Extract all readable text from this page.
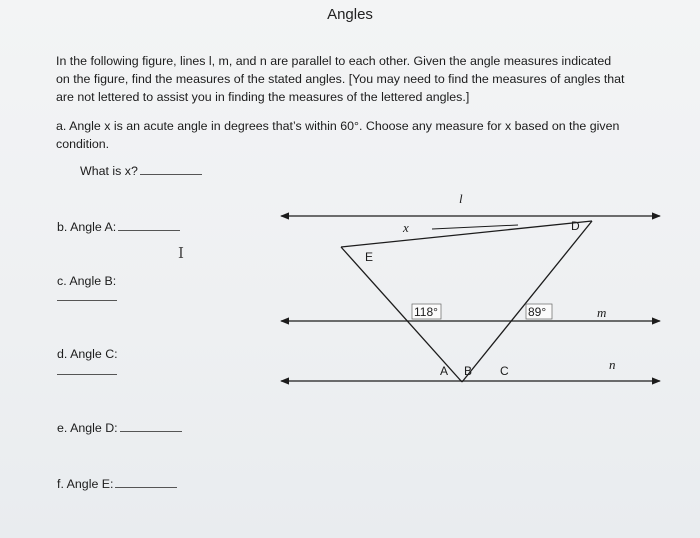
Angles
In the following figure, lines l, m, and n are parallel to each other. Given the angle measures indicated
on the figure, find the measures of the stated angles. [You may need to find the measures of angles that
are not lettered to assist you in finding the measures of the lettered angles.]
a. Angle x is an acute angle in degrees that’s within 60°. Choose any measure for x based on the given
condition.
What is x?
b. Angle A:
I
c. Angle B:
d. Angle C:
e. Angle D:
f. Angle E:
l
m
n
x
E
D
118°	89°
A B C
